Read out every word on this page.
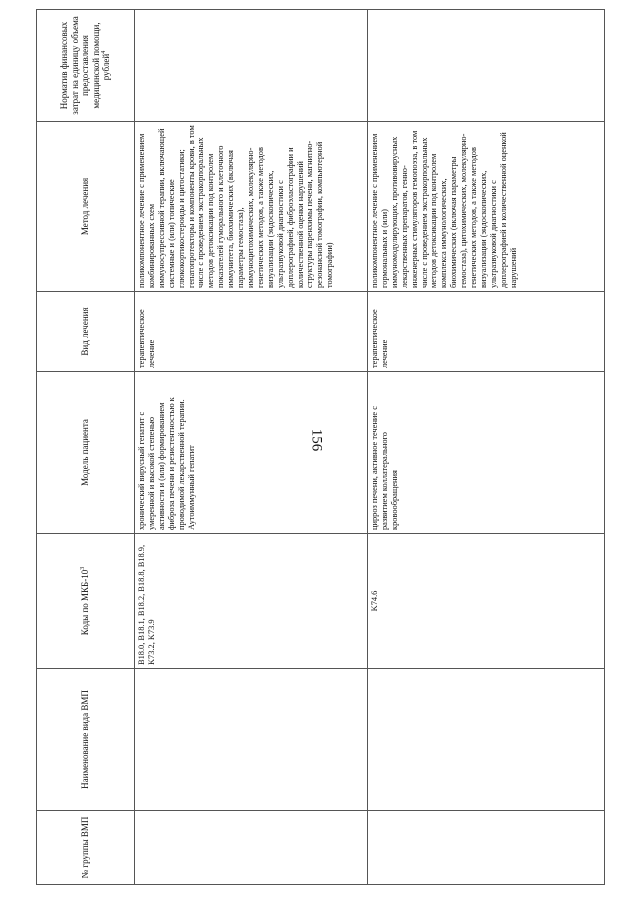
156
№ группы ВМП	Наименование вида ВМП	Коды по МКБ-$10^3$	Модель пациента	Вид лечения	Метод лечения	Норматив финансовых затрат на единицу объема предоставления медицинской помощи, рублей$^4$
		B18.0, B18.1, B18.2, B18.8, B18.9, K73.2, K73.9	хронический вирусный гепатит с умеренной и высокой степенью активности и (или) формированием фиброза печени и резистентностью к проводимой лекарственной терапии. Аутоиммунный гепатит	терапевтическое лечение	поликомпонентное лечение с применением комбинированных схем иммуносупрессивной терапии, включающей системные и (или) топические глюкокортикостероиды и цитостатики; гепатопротекторы и компоненты крови, в том числе с проведением экстракорпоральных методов детоксикации под контролем показателей гуморального и клеточного иммунитета, биохимических (включая параметры гемостаза), иммуноцитохимических, молекулярно-генетических методов, а также методов визуализации (эндоскопических, ультразвуковой диагностики с доплерографией, фиброэластографии и количественной оценки нарушений структуры паренхимы печени, магнитно-резонансной томографии, компьютерной томографии)	
		K74.6	цирроз печени, активное течение с развитием коллатерального кровообращения	терапевтическое лечение	поликомпонентное лечение с применением гормональных и (или) иммуномодулирующих, противовирусных лекарственных препаратов, генно-инженерных стимуляторов гемопоэза, в том числе с проведением экстракорпоральных методов детоксикации под контролем комплекса иммунологических, биохимических (включая параметры гемостаза), цитохимических, молекулярно-генетических методов, а также методов визуализации (эндоскопических, ультразвуковой диагностики с доплерографией и количественной оценкой нарушений	
